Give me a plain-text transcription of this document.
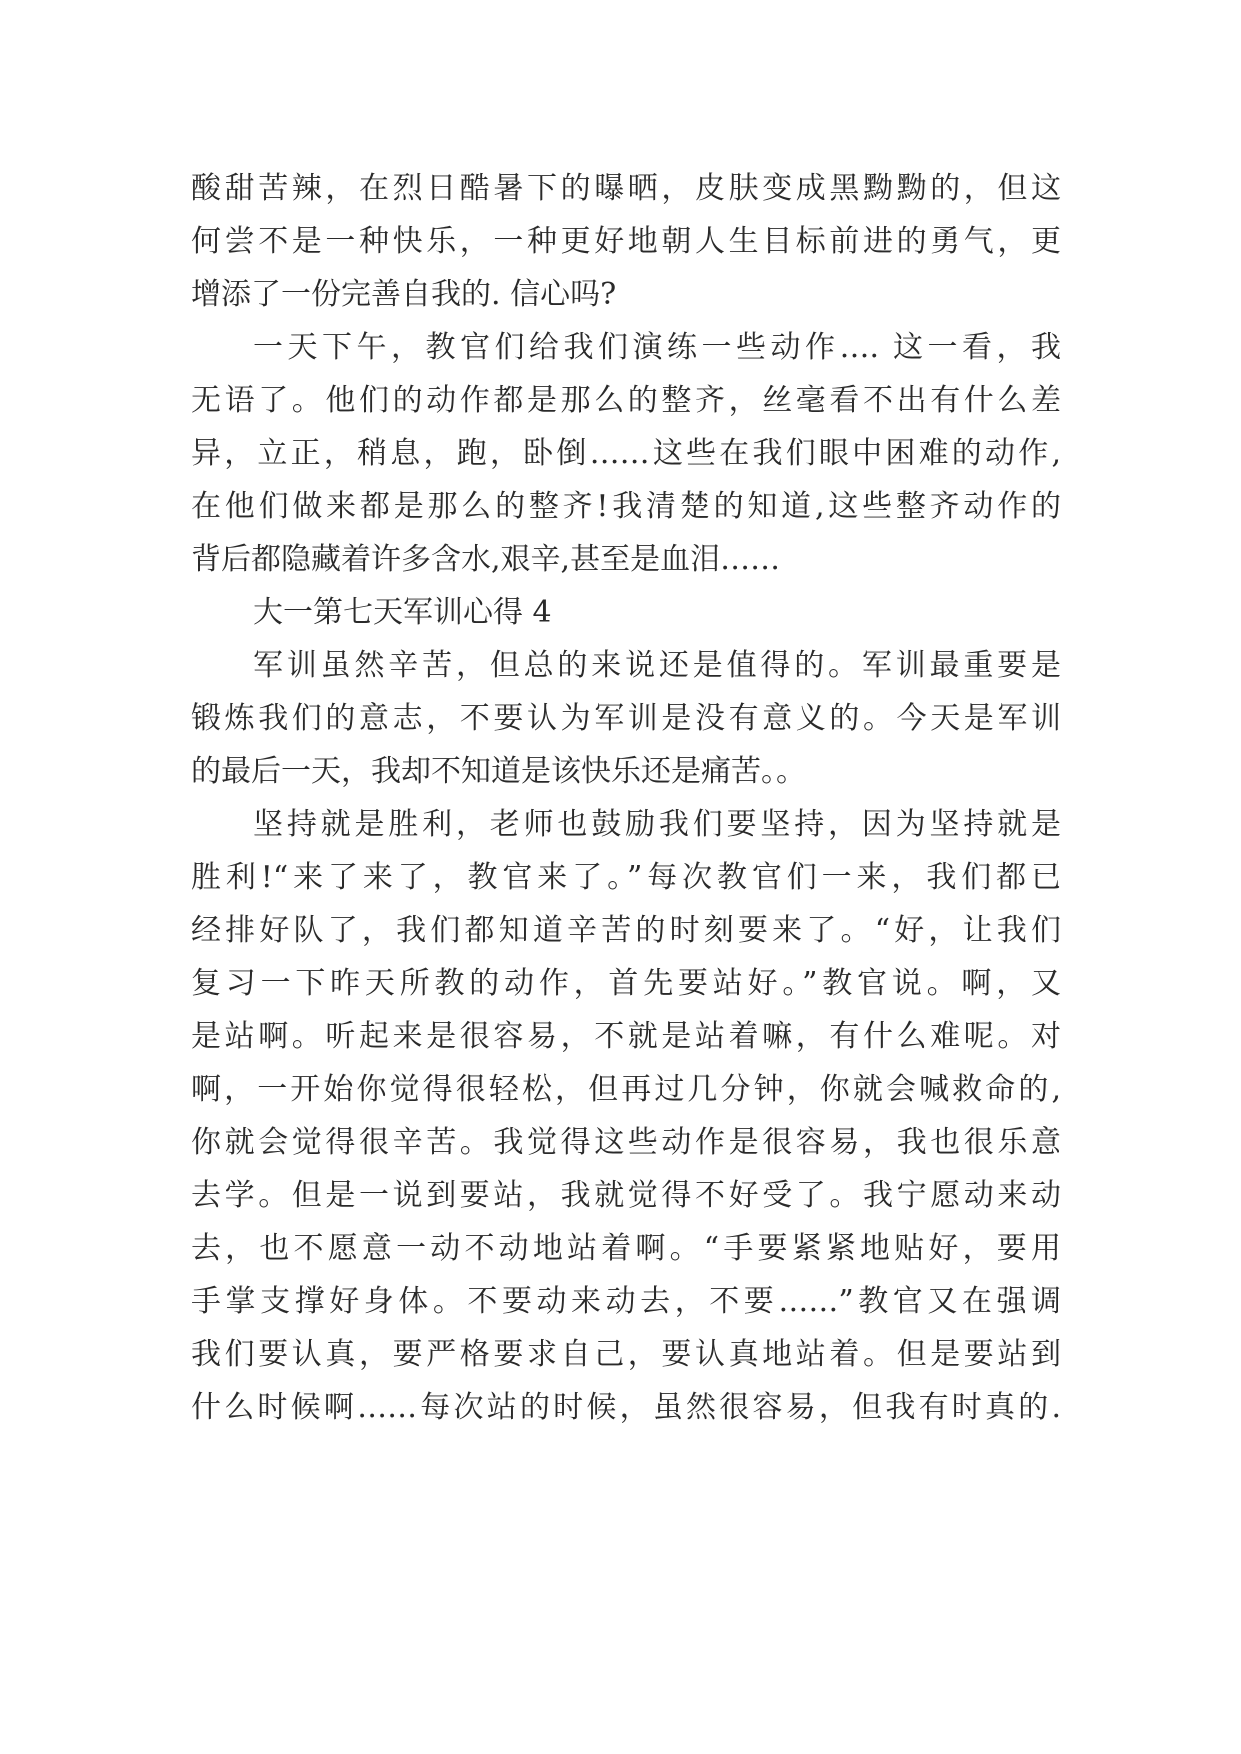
酸甜苦辣，在烈日酷暑下的曝晒，皮肤变成黑黝黝的，但这
何尝不是一种快乐，一种更好地朝人生目标前进的勇气，更
增添了一份完善自我的. 信心吗?
一天下午，教官们给我们演练一些动作…. 这一看，我
无语了。他们的动作都是那么的整齐，丝毫看不出有什么差
异，立正，稍息，跑，卧倒……这些在我们眼中困难的动作,
在他们做来都是那么的整齐!我清楚的知道,这些整齐动作的
背后都隐藏着许多含水,艰辛,甚至是血泪……
大一第七天军训心得 4
军训虽然辛苦，但总的来说还是值得的。军训最重要是
锻炼我们的意志，不要认为军训是没有意义的。今天是军训
的最后一天，我却不知道是该快乐还是痛苦。。
坚持就是胜利，老师也鼓励我们要坚持，因为坚持就是
胜利!“来了来了，教官来了。”每次教官们一来，我们都已
经排好队了，我们都知道辛苦的时刻要来了。“好，让我们
复习一下昨天所教的动作，首先要站好。”教官说。啊，又
是站啊。听起来是很容易，不就是站着嘛，有什么难呢。对
啊，一开始你觉得很轻松，但再过几分钟，你就会喊救命的,
你就会觉得很辛苦。我觉得这些动作是很容易，我也很乐意
去学。但是一说到要站，我就觉得不好受了。我宁愿动来动
去，也不愿意一动不动地站着啊。“手要紧紧地贴好，要用
手掌支撑好身体。不要动来动去，不要……”教官又在强调
我们要认真，要严格要求自己，要认真地站着。但是要站到
什么时候啊……每次站的时候，虽然很容易，但我有时真的.
